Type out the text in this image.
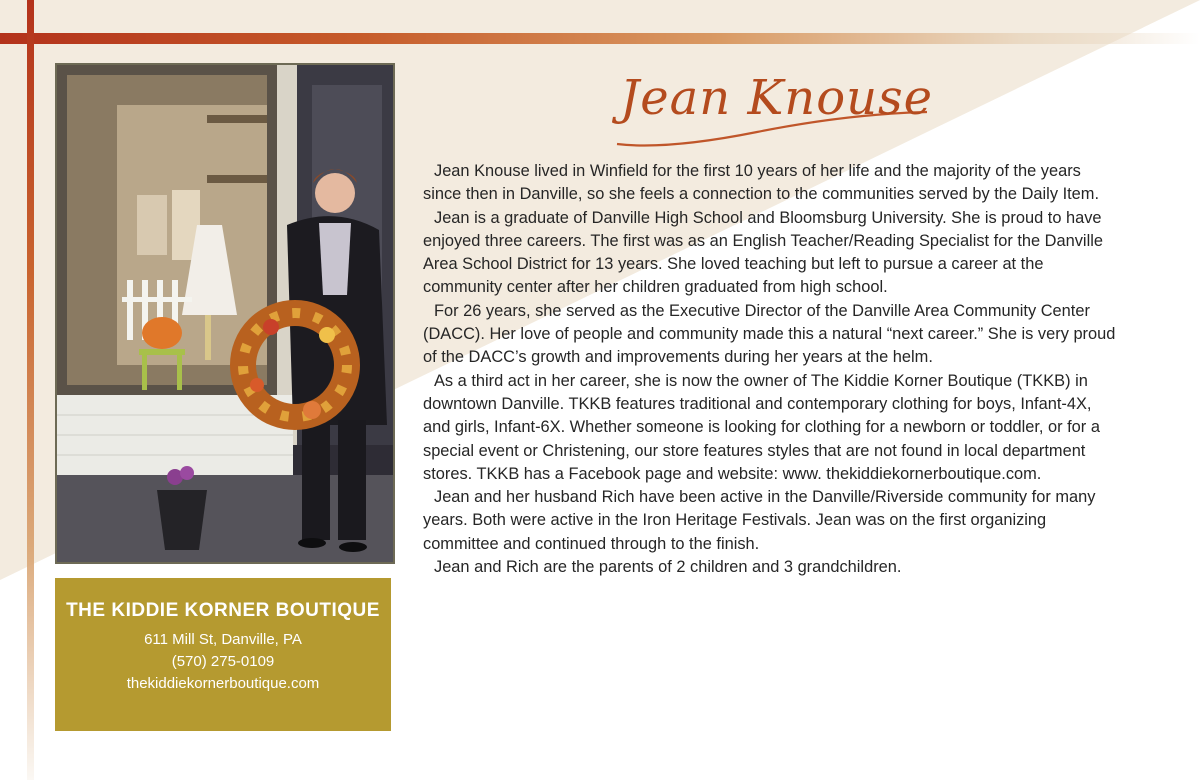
THE KIDDIE KORNER BOUTIQUE
611 Mill St, Danville, PA
(570) 275-0109
thekiddiekornerboutique.com
Jean Knouse

Jean Knouse lived in Winfield for the first 10 years of her life and the majority of the years since then in Danville, so she feels a connection to the communities served by the Daily Item.

Jean is a graduate of Danville High School and Bloomsburg University. She is proud to have enjoyed three careers. The first was as an English Teacher/Reading Specialist for the Danville Area School District for 13 years. She loved teaching but left to pursue a career at the community center after her children graduated from high school.

For 26 years, she served as the Executive Director of the Danville Area Community Center (DACC). Her love of people and community made this a natural “next career.” She is very proud of the DACC’s growth and improvements during her years at the helm.

As a third act in her career, she is now the owner of The Kiddie Korner Boutique (TKKB) in downtown Danville. TKKB features traditional and contemporary clothing for boys, Infant-4X, and girls, Infant-6X. Whether someone is looking for clothing for a newborn or toddler, or for a special event or Christening, our store features styles that are not found in local department stores. TKKB has a Facebook page and website: www. thekiddiekornerboutique.com.

Jean and her husband Rich have been active in the Danville/Riverside community for many years. Both were active in the Iron Heritage Festivals. Jean was on the first organizing committee and continued through to the finish.

Jean and Rich are the parents of 2 children and 3 grandchildren.
